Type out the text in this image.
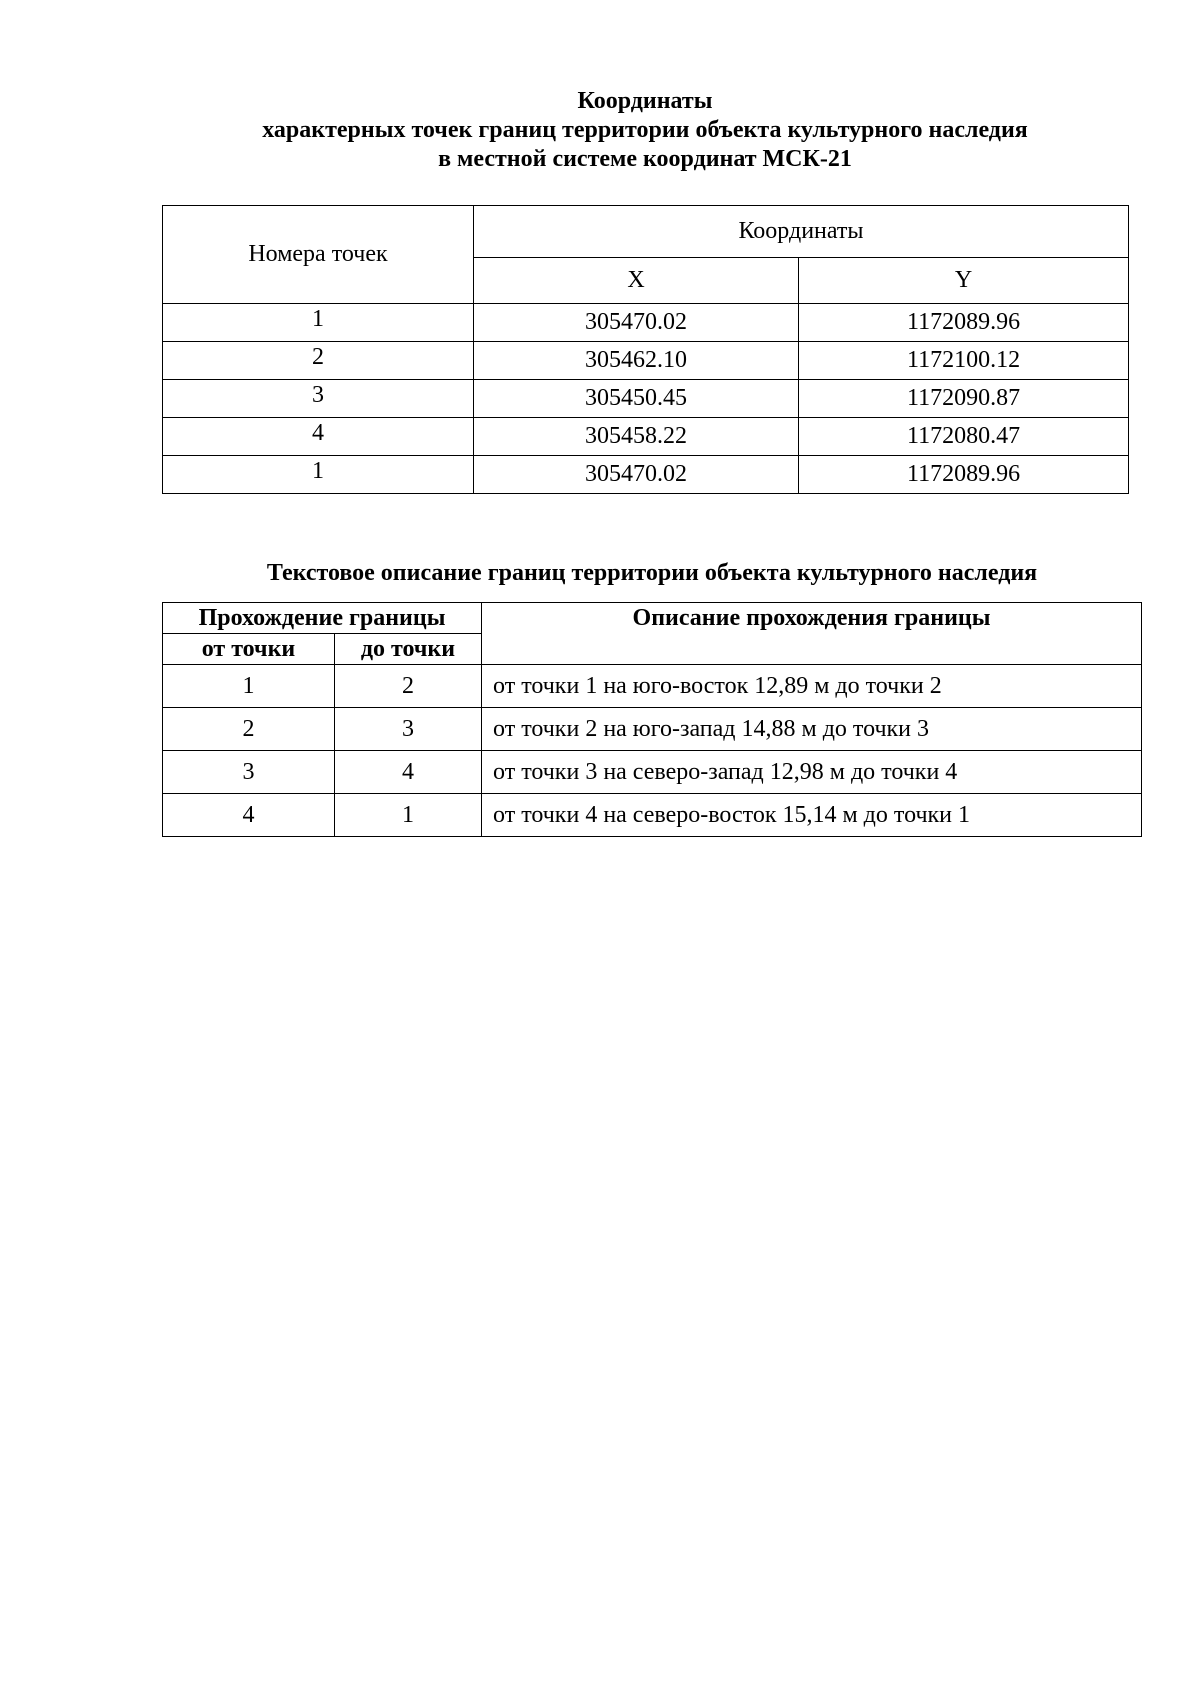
Координаты
характерных точек границ территории объекта культурного наследия
в местной системе координат МСК-21
Номера точек	Координаты	
	X	Y
1	305470.02	1172089.96
2	305462.10	1172100.12
3	305450.45	1172090.87
4	305458.22	1172080.47
1	305470.02	1172089.96
Текстовое описание границ территории объекта культурного наследия
Прохождение границы		Описание прохождения границы
от точки	до точки	
1	2	от точки 1 на юго-восток 12,89 м до точки 2
2	3	от точки 2 на юго-запад 14,88 м до точки 3
3	4	от точки 3 на северо-запад 12,98 м до точки 4
4	1	от точки 4 на северо-восток 15,14 м до точки 1
